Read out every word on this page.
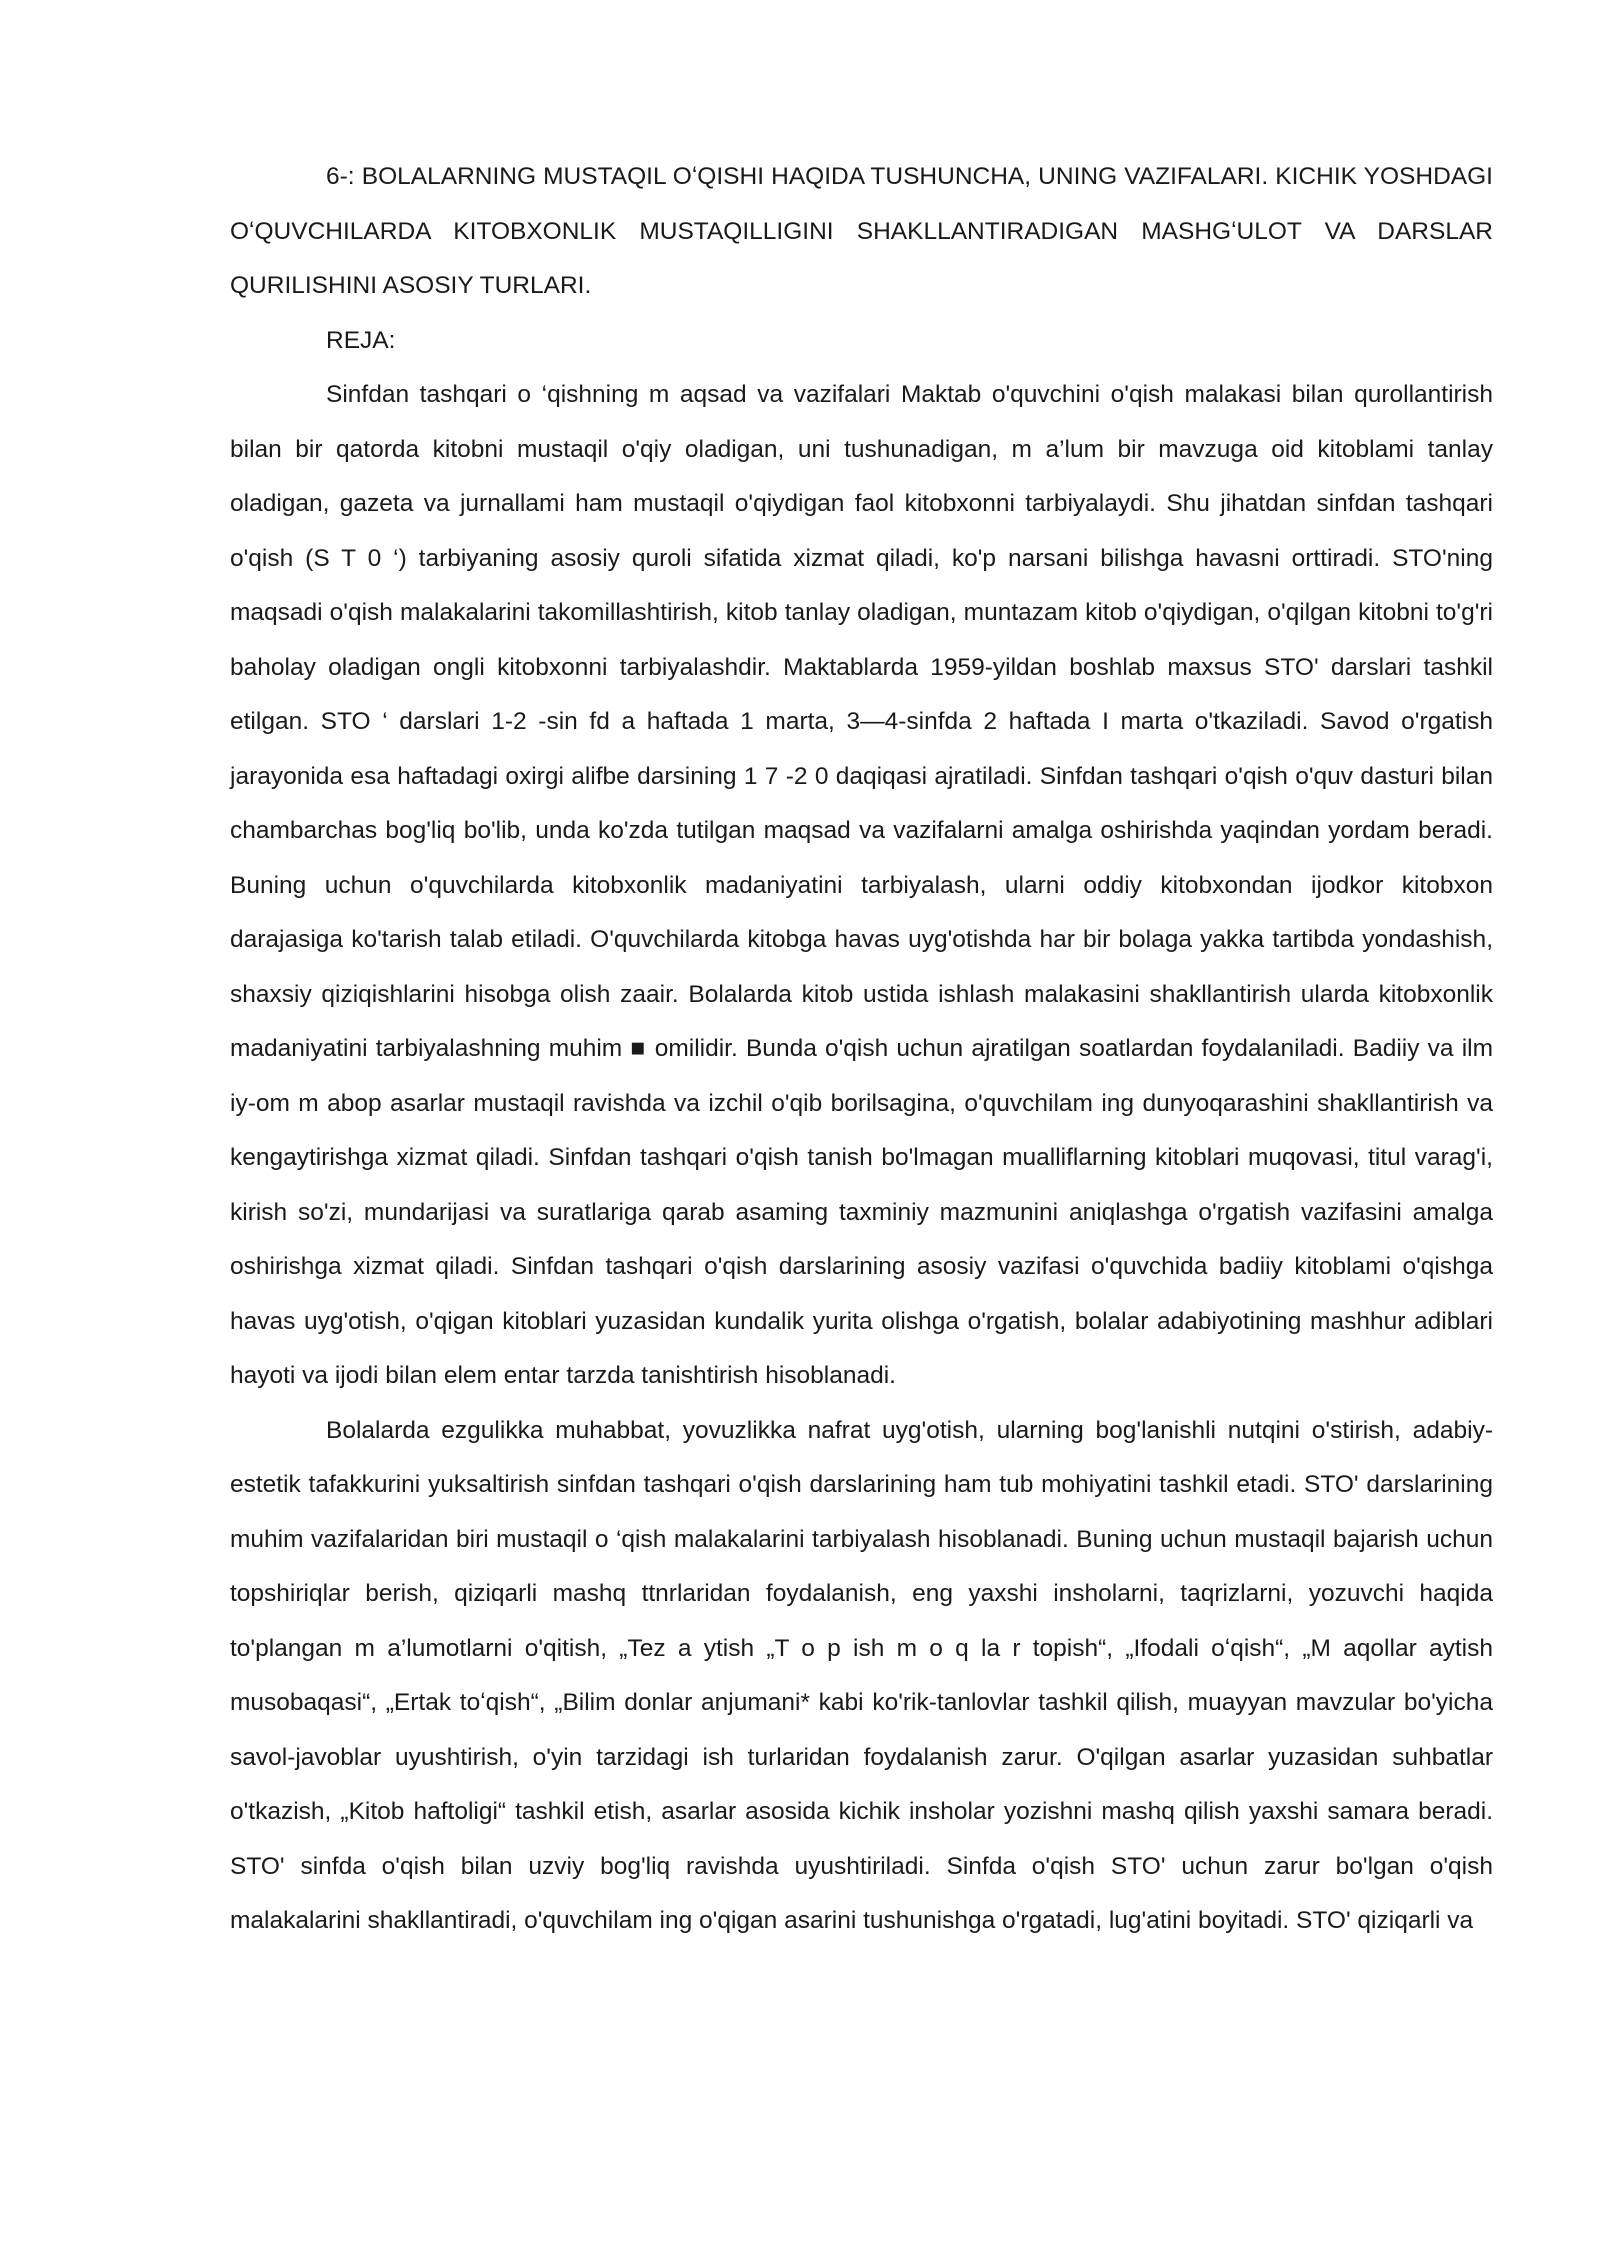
6-: BOLALARNING MUSTAQIL OʻQISHI HAQIDA TUSHUNCHA, UNING VAZIFALARI. KICHIK YOSHDAGI OʻQUVCHILARDA KITOBXONLIK MUSTAQILLIGINI SHAKLLANTIRADIGAN MASHGʻULOT VA DARSLAR QURILISHINI ASOSIY TURLARI.

REJA:

Sinfdan tashqari o ‘qishning m aqsad va vazifalari Maktab o'quvchini o'qish malakasi bilan qurollantirish bilan bir qatorda kitobni mustaqil o'qiy oladigan, uni tushunadigan, m a’lum bir mavzuga oid kitoblami tanlay oladigan, gazeta va jurnallami ham mustaqil o'qiydigan faol kitobxonni tarbiyalaydi. Shu jihatdan sinfdan tashqari o'qish (S T 0 ‘) tarbiyaning asosiy quroli sifatida xizmat qiladi, ko'p narsani bilishga havasni orttiradi. STO'ning maqsadi o'qish malakalarini takomillashtirish, kitob tanlay oladigan, muntazam kitob o'qiydigan, o'qilgan kitobni to'g'ri baholay oladigan ongli kitobxonni tarbiyalashdir. Maktablarda 1959-yildan boshlab maxsus STO' darslari tashkil etilgan. STO ‘ darslari 1-2 -sin fd a haftada 1 marta, 3—4-sinfda 2 haftada I marta o'tkaziladi. Savod o'rgatish jarayonida esa haftadagi oxirgi alifbe darsining 1 7 -2 0 daqiqasi ajratiladi. Sinfdan tashqari o'qish o'quv dasturi bilan chambarchas bog'liq bo'lib, unda ko'zda tutilgan maqsad va vazifalarni amalga oshirishda yaqindan yordam beradi. Buning uchun o'quvchilarda kitobxonlik madaniyatini tarbiyalash, ularni oddiy kitobxondan ijodkor kitobxon darajasiga ko'tarish talab etiladi. O'quvchilarda kitobga havas uyg'otishda har bir bolaga yakka tartibda yondashish, shaxsiy qiziqishlarini hisobga olish zaair. Bolalarda kitob ustida ishlash malakasini shakllantirish ularda kitobxonlik madaniyatini tarbiyalashning muhim ■ omilidir. Bunda o'qish uchun ajratilgan soatlardan foydalaniladi. Badiiy va ilm iy-om m abop asarlar mustaqil ravishda va izchil o'qib borilsagina, o'quvchilam ing dunyoqarashini shakllantirish va kengaytirishga xizmat qiladi. Sinfdan tashqari o'qish tanish bo'lmagan mualliflarning kitoblari muqovasi, titul varag'i, kirish so'zi, mundarijasi va suratlariga qarab asaming taxminiy mazmunini aniqlashga o'rgatish vazifasini amalga oshirishga xizmat qiladi. Sinfdan tashqari o'qish darslarining asosiy vazifasi o'quvchida badiiy kitoblami o'qishga havas uyg'otish, o'qigan kitoblari yuzasidan kundalik yurita olishga o'rgatish, bolalar adabiyotining mashhur adiblari hayoti va ijodi bilan elem entar tarzda tanishtirish hisoblanadi.

Bolalarda ezgulikka muhabbat, yovuzlikka nafrat uyg'otish, ularning bog'lanishli nutqini o'stirish, adabiy-estetik tafakkurini yuksaltirish sinfdan tashqari o'qish darslarining ham tub mohiyatini tashkil etadi. STO' darslarining muhim vazifalaridan biri mustaqil o ‘qish malakalarini tarbiyalash hisoblanadi. Buning uchun mustaqil bajarish uchun topshiriqlar berish, qiziqarli mashq ttnrlaridan foydalanish, eng yaxshi insholarni, taqrizlarni, yozuvchi haqida to'plangan m a’lumotlarni o'qitish, „Tez a ytish „T o p ish m o q la r topish“, „Ifodali oʻqish“, „M aqollar aytish musobaqasi“, „Ertak toʻqish“, „Bilim donlar anjumani* kabi ko'rik-tanlovlar tashkil qilish, muayyan mavzular bo'yicha savol-javoblar uyushtirish, o'yin tarzidagi ish turlaridan foydalanish zarur. O'qilgan asarlar yuzasidan suhbatlar o'tkazish, „Kitob haftoligi“ tashkil etish, asarlar asosida kichik insholar yozishni mashq qilish yaxshi samara beradi. STO' sinfda o'qish bilan uzviy bog'liq ravishda uyushtiriladi. Sinfda o'qish STO' uchun zarur bo'lgan o'qish malakalarini shakllantiradi, o'quvchilam ing o'qigan asarini tushunishga o'rgatadi, lug'atini boyitadi. STO' qiziqarli va
